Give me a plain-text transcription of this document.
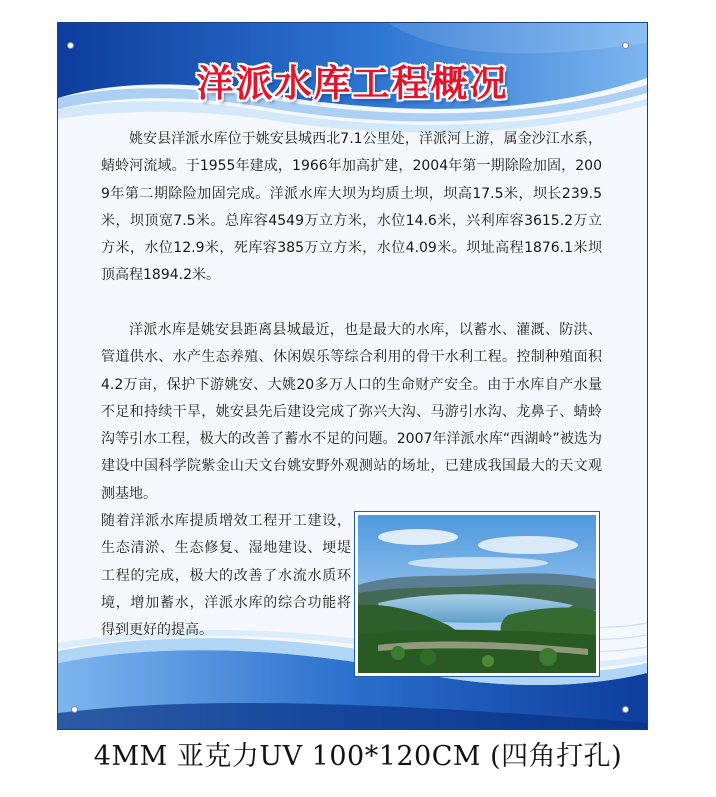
洋派水库工程概况

姚安县洋派水库位于姚安县城西北7.1公里处，洋派河上游，属金沙江水系，蜻蛉河流域。于1955年建成，1966年加高扩建，2004年第一期除险加固，2009年第二期除险加固完成。洋派水库大坝为均质土坝，坝高17.5米，坝长239.5米，坝顶宽7.5米。总库容4549万立方米，水位14.6米，兴利库容3615.2万立方米，水位12.9米，死库容385万立方米，水位4.09米。坝址高程1876.1米坝顶高程1894.2米。

洋派水库是姚安县距离县城最近，也是最大的水库，以蓄水、灌溉、防洪、管道供水、水产生态养殖、休闲娱乐等综合利用的骨干水利工程。控制种殖面积4.2万亩，保护下游姚安、大姚20多万人口的生命财产安全。由于水库自产水量不足和持续干旱，姚安县先后建设完成了弥兴大沟、马游引水沟、龙鼻子、蜻蛉沟等引水工程，极大的改善了蓄水不足的问题。2007年洋派水库“西湖岭”被选为建设中国科学院紫金山天文台姚安野外观测站的场址，已建成我国最大的天文观测基地。

随着洋派水库提质增效工程开工建设，生态清淤、生态修复、湿地建设、埂堤工程的完成，极大的改善了水流水质环境，增加蓄水，洋派水库的综合功能将得到更好的提高。

4MM 亚克力UV 100*120CM (四角打孔)
